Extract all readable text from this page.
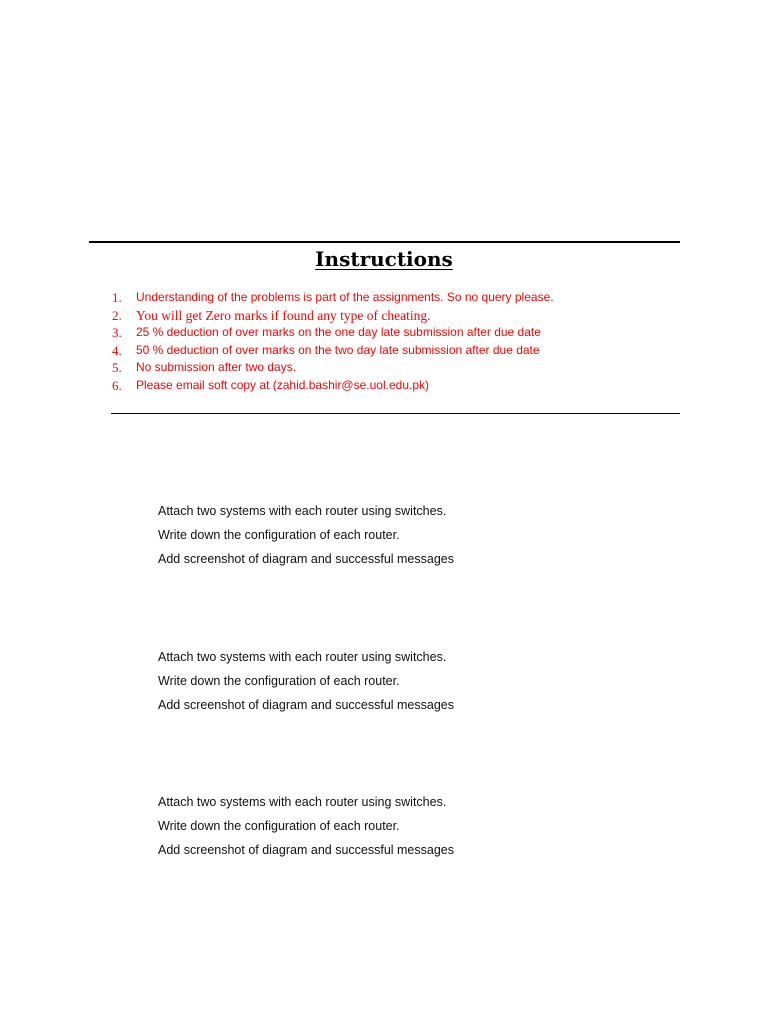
Instructions
1.	Understanding of the problems is part of the assignments. So no query please.
2.	You will get Zero marks if found any type of cheating.
3.	25 % deduction of over marks on the one day late submission after due date
4.	50 % deduction of over marks on the two day late submission after due date
5.	No submission after two days.
6.	Please email soft copy at (zahid.bashir@se.uol.edu.pk)
Attach two systems with each router using switches.
Write down the configuration of each router.
Add screenshot of diagram and successful messages
Attach two systems with each router using switches.
Write down the configuration of each router.
Add screenshot of diagram and successful messages
Attach two systems with each router using switches.
Write down the configuration of each router.
Add screenshot of diagram and successful messages
